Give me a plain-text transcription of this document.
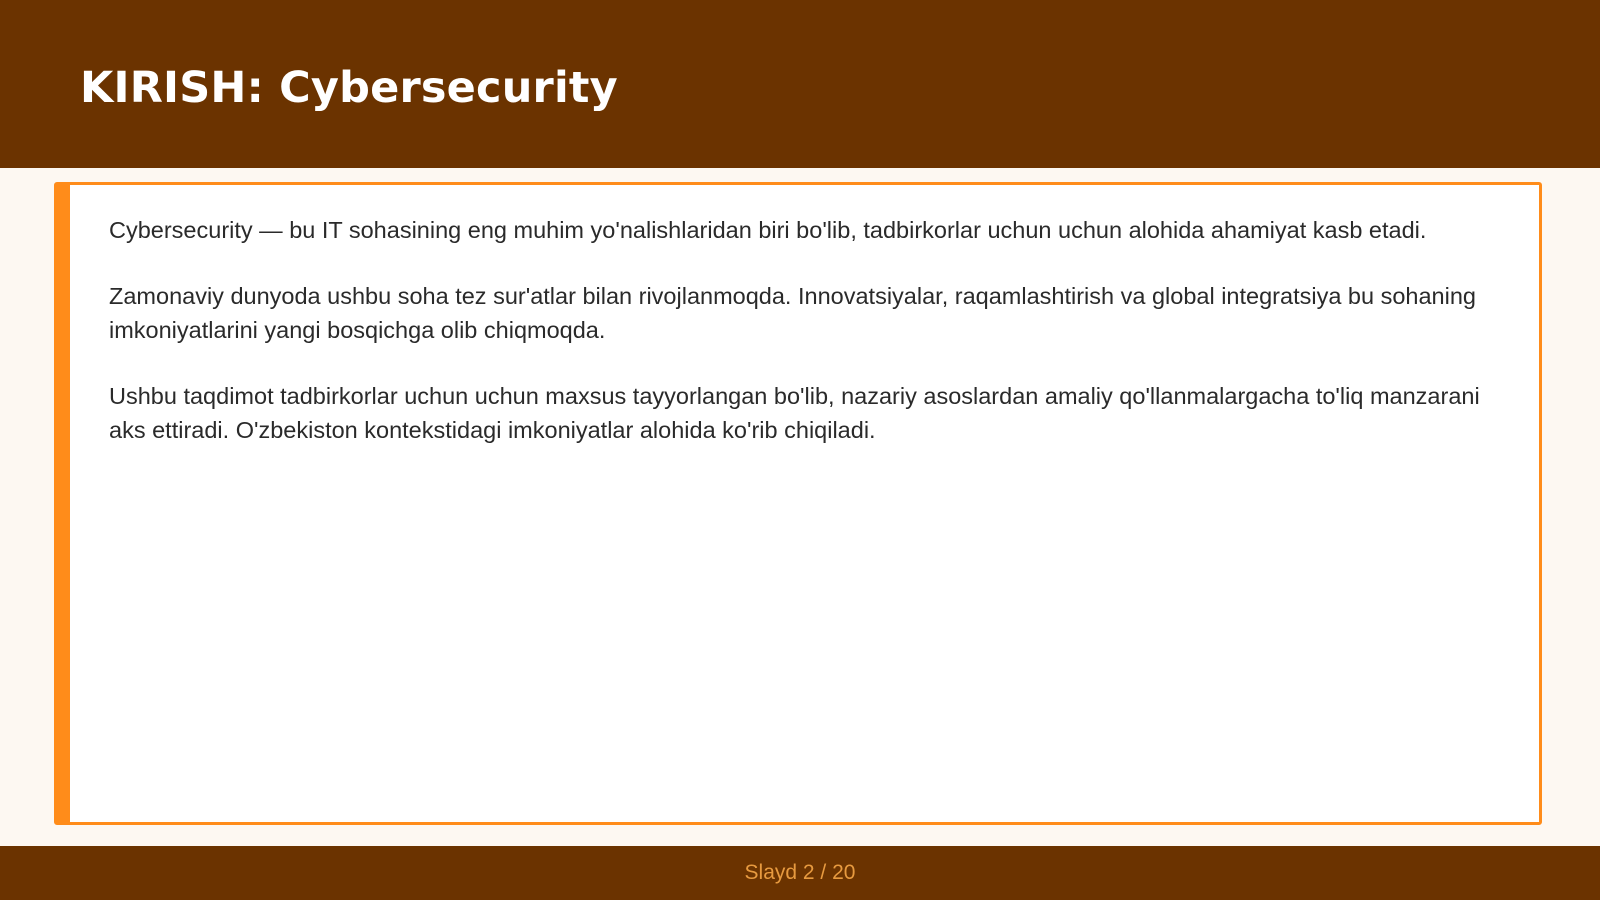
KIRISH: Cybersecurity

Cybersecurity — bu IT sohasining eng muhim yo'nalishlaridan biri bo'lib, tadbirkorlar uchun uchun alohida ahamiyat kasb etadi.

Zamonaviy dunyoda ushbu soha tez sur'atlar bilan rivojlanmoqda. Innovatsiyalar, raqamlashtirish va global integratsiya bu sohaning imkoniyatlarini yangi bosqichga olib chiqmoqda.

Ushbu taqdimot tadbirkorlar uchun uchun maxsus tayyorlangan bo'lib, nazariy asoslardan amaliy qo'llanmalargacha to'liq manzarani aks ettiradi. O'zbekiston kontekstidagi imkoniyatlar alohida ko'rib chiqiladi.

Slayd 2 / 20
